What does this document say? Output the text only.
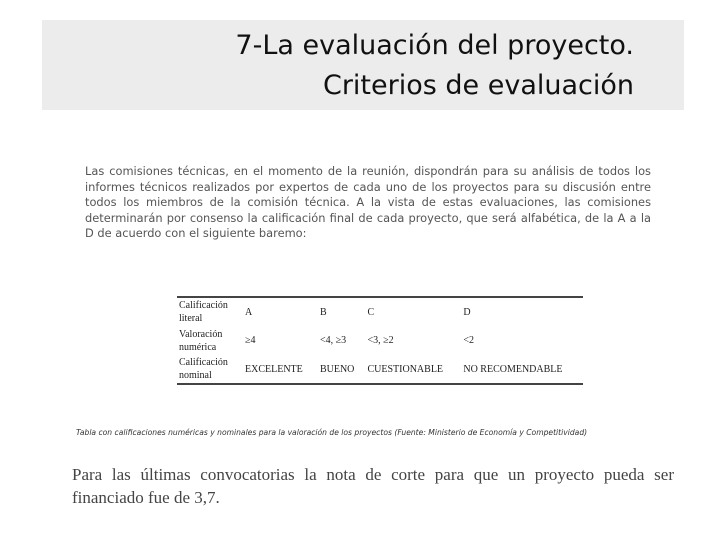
7-La evaluación del proyecto.
Criterios de evaluación

Las comisiones técnicas, en el momento de la reunión, dispondrán para su análisis de todos los informes técnicos realizados por expertos de cada uno de los proyectos para su discusión entre todos los miembros de la comisión técnica. A la vista de estas evaluaciones, las comisiones determinarán por consenso la calificación final de cada proyecto, que será alfabética, de la A a la D de acuerdo con el siguiente baremo:

Calificación literal	A	B	C	D
Valoración numérica	≥4	<4, ≥3	<3, ≥2	<2
Calificación nominal	EXCELENTE	BUENO	CUESTIONABLE	NO RECOMENDABLE
Tabla con calificaciones numéricas y nominales para la valoración de los proyectos (Fuente: Ministerio de Economía y Competitividad)

Para las últimas convocatorias la nota de corte para que un proyecto pueda ser financiado fue de 3,7.
